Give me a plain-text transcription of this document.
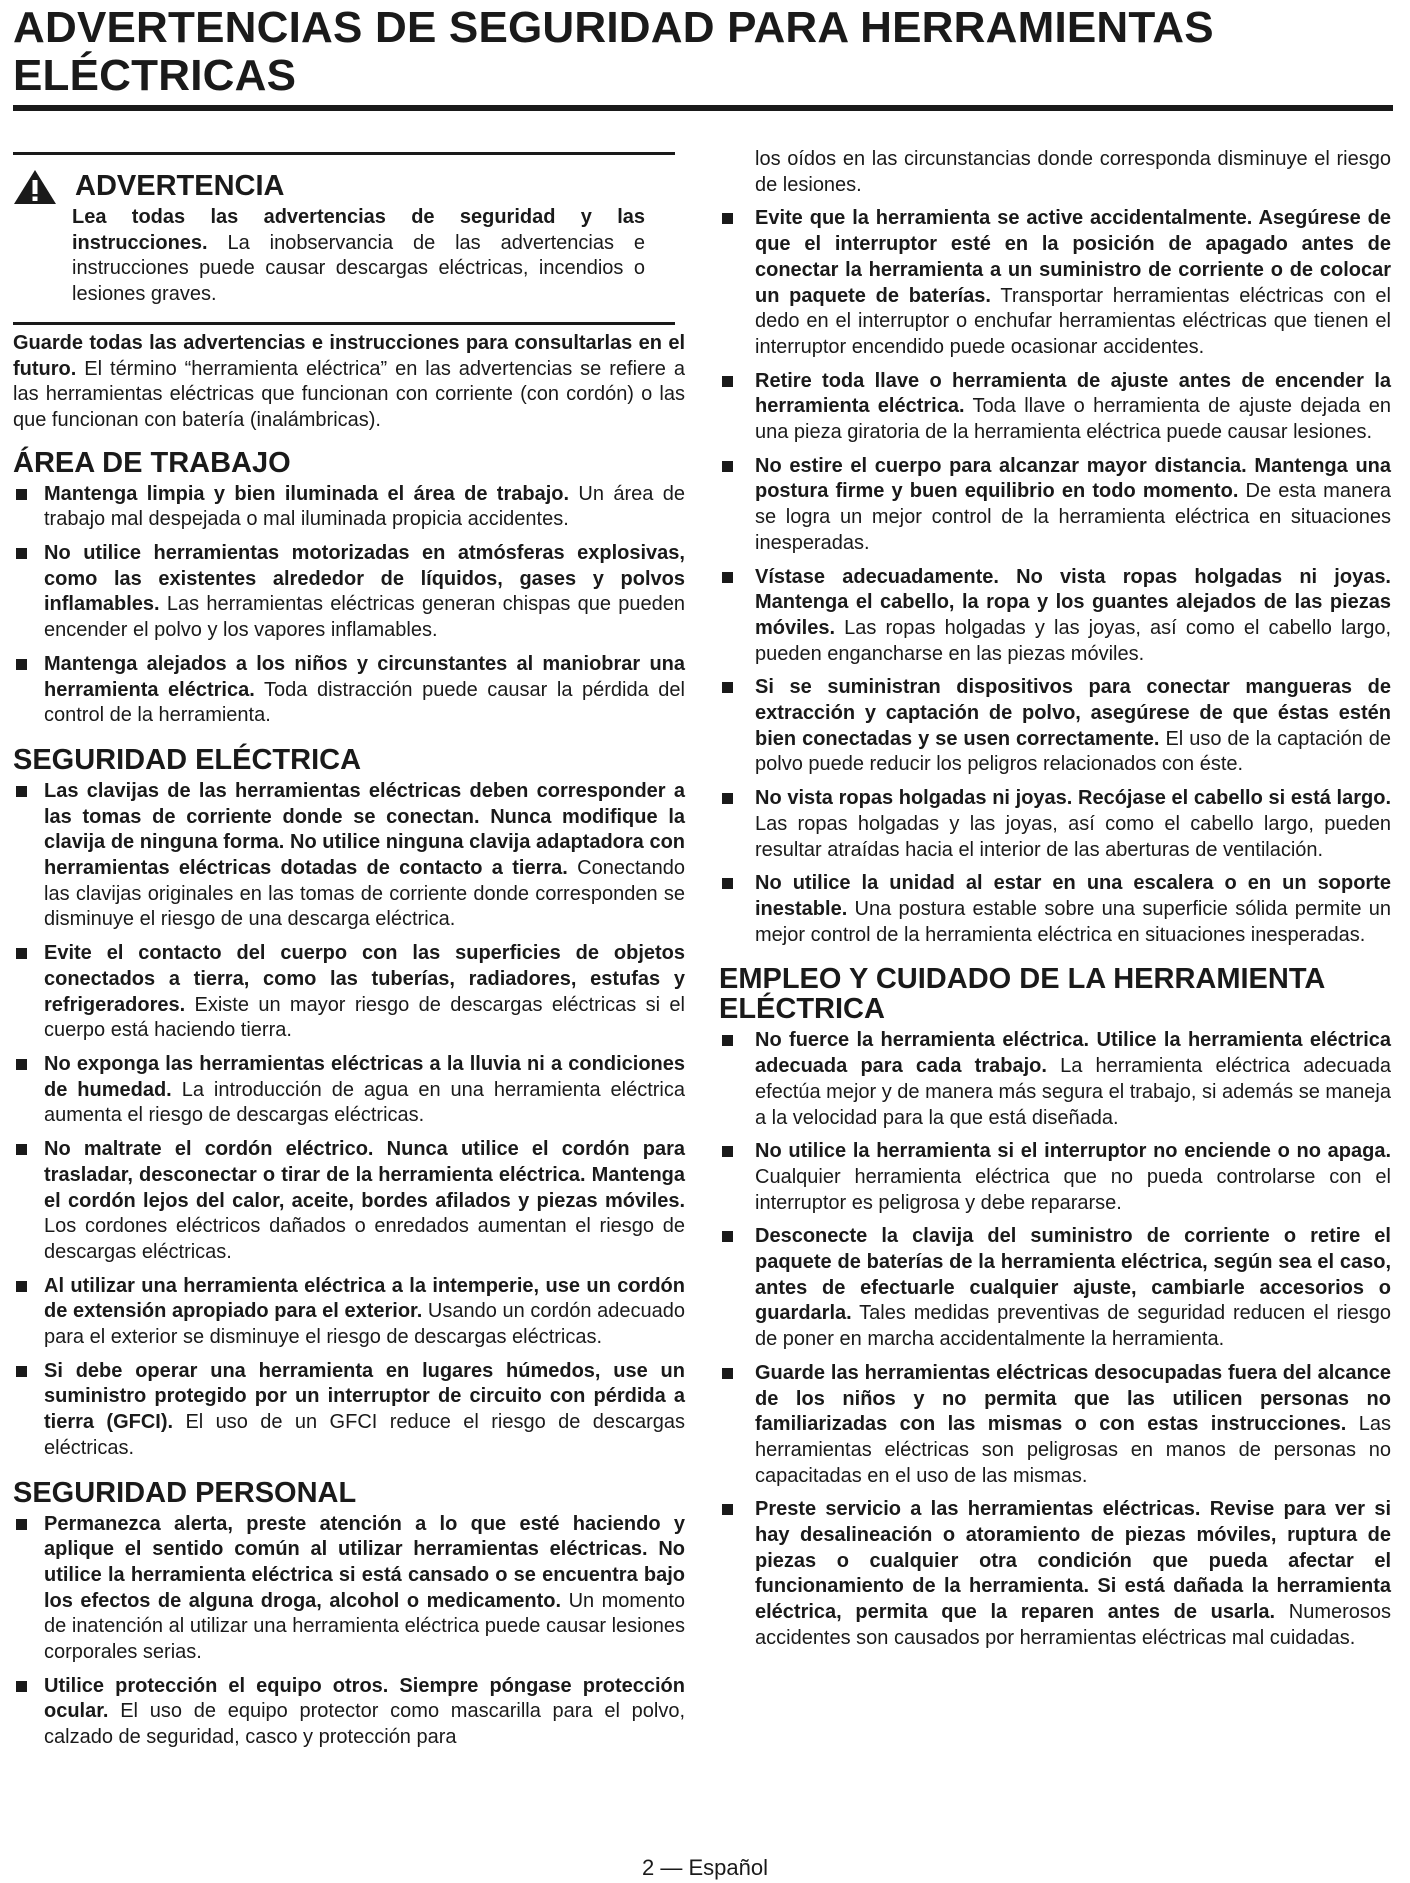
ADVERTENCIAS DE SEGURIDAD PARA HERRAMIENTAS ELÉCTRICAS
ADVERTENCIA
Lea todas las advertencias de seguridad y las instrucciones. La inobservancia de las advertencias e instrucciones puede causar descargas eléctricas, incendios o lesiones graves.

Guarde todas las advertencias e instrucciones para consultarlas en el futuro. El término “herramienta eléctrica” en las advertencias se refiere a las herramientas eléctricas que funcionan con corriente (con cordón) o las que funcionan con batería (inalámbricas).

ÁREA DE TRABAJO
Mantenga limpia y bien iluminada el área de trabajo. Un área de trabajo mal despejada o mal iluminada propicia accidentes.
No utilice herramientas motorizadas en atmósferas explosivas, como las existentes alrededor de líquidos, gases y polvos inflamables. Las herramientas eléctricas generan chispas que pueden encender el polvo y los vapores inflamables.
Mantenga alejados a los niños y circunstantes al maniobrar una herramienta eléctrica. Toda distracción puede causar la pérdida del control de la herramienta.
SEGURIDAD ELÉCTRICA
Las clavijas de las herramientas eléctricas deben corresponder a las tomas de corriente donde se conectan. Nunca modifique la clavija de ninguna forma. No utilice ninguna clavija adaptadora con herramientas eléctricas dotadas de contacto a tierra. Conectando las clavijas originales en las tomas de corriente donde corresponden se disminuye el riesgo de una descarga eléctrica.
Evite el contacto del cuerpo con las superficies de objetos conectados a tierra, como las tuberías, radiadores, estufas y refrigeradores. Existe un mayor riesgo de descargas eléctricas si el cuerpo está haciendo tierra.
No exponga las herramientas eléctricas a la lluvia ni a condiciones de humedad. La introducción de agua en una herramienta eléctrica aumenta el riesgo de descargas eléctricas.
No maltrate el cordón eléctrico. Nunca utilice el cordón para trasladar, desconectar o tirar de la herramienta eléctrica. Mantenga el cordón lejos del calor, aceite, bordes afilados y piezas móviles. Los cordones eléctricos dañados o enredados aumentan el riesgo de descargas eléctricas.
Al utilizar una herramienta eléctrica a la intemperie, use un cordón de extensión apropiado para el exterior. Usando un cordón adecuado para el exterior se disminuye el riesgo de descargas eléctricas.
Si debe operar una herramienta en lugares húmedos, use un suministro protegido por un interruptor de circuito con pérdida a tierra (GFCI). El uso de un GFCI reduce el riesgo de descargas eléctricas.
SEGURIDAD PERSONAL
Permanezca alerta, preste atención a lo que esté haciendo y aplique el sentido común al utilizar herramientas eléctricas. No utilice la herramienta eléctrica si está cansado o se encuentra bajo los efectos de alguna droga, alcohol o medicamento. Un momento de inatención al utilizar una herramienta eléctrica puede causar lesiones corporales serias.
Utilice protección el equipo otros. Siempre póngase protección ocular. El uso de equipo protector como mascarilla para el polvo, calzado de seguridad, casco y protección para
los oídos en las circunstancias donde corresponda disminuye el riesgo de lesiones.
Evite que la herramienta se active accidentalmente. Asegúrese de que el interruptor esté en la posición de apagado antes de conectar la herramienta a un suministro de corriente o de colocar un paquete de baterías. Transportar herramientas eléctricas con el dedo en el interruptor o enchufar herramientas eléctricas que tienen el interruptor encendido puede ocasionar accidentes.
Retire toda llave o herramienta de ajuste antes de encender la herramienta eléctrica. Toda llave o herramienta de ajuste dejada en una pieza giratoria de la herramienta eléctrica puede causar lesiones.
No estire el cuerpo para alcanzar mayor distancia. Mantenga una postura firme y buen equilibrio en todo momento. De esta manera se logra un mejor control de la herramienta eléctrica en situaciones inesperadas.
Vístase adecuadamente. No vista ropas holgadas ni joyas. Mantenga el cabello, la ropa y los guantes alejados de las piezas móviles. Las ropas holgadas y las joyas, así como el cabello largo, pueden engancharse en las piezas móviles.
Si se suministran dispositivos para conectar mangueras de extracción y captación de polvo, asegúrese de que éstas estén bien conectadas y se usen correctamente. El uso de la captación de polvo puede reducir los peligros relacionados con éste.
No vista ropas holgadas ni joyas. Recójase el cabello si está largo. Las ropas holgadas y las joyas, así como el cabello largo, pueden resultar atraídas hacia el interior de las aberturas de ventilación.
No utilice la unidad al estar en una escalera o en un soporte inestable. Una postura estable sobre una superficie sólida permite un mejor control de la herramienta eléctrica en situaciones inesperadas.
EMPLEO Y CUIDADO DE LA HERRAMIENTA ELÉCTRICA
No fuerce la herramienta eléctrica. Utilice la herramienta eléctrica adecuada para cada trabajo. La herramienta eléctrica adecuada efectúa mejor y de manera más segura el trabajo, si además se maneja a la velocidad para la que está diseñada.
No utilice la herramienta si el interruptor no enciende o no apaga. Cualquier herramienta eléctrica que no pueda controlarse con el interruptor es peligrosa y debe repararse.
Desconecte la clavija del suministro de corriente o retire el paquete de baterías de la herramienta eléctrica, según sea el caso, antes de efectuarle cualquier ajuste, cambiarle accesorios o guardarla. Tales medidas preventivas de seguridad reducen el riesgo de poner en marcha accidentalmente la herramienta.
Guarde las herramientas eléctricas desocupadas fuera del alcance de los niños y no permita que las utilicen personas no familiarizadas con las mismas o con estas instrucciones. Las herramientas eléctricas son peligrosas en manos de personas no capacitadas en el uso de las mismas.
Preste servicio a las herramientas eléctricas. Revise para ver si hay desalineación o atoramiento de piezas móviles, ruptura de piezas o cualquier otra condición que pueda afectar el funcionamiento de la herramienta. Si está dañada la herramienta eléctrica, permita que la reparen antes de usarla. Numerosos accidentes son causados por herramientas eléctricas mal cuidadas.
2 — Español
